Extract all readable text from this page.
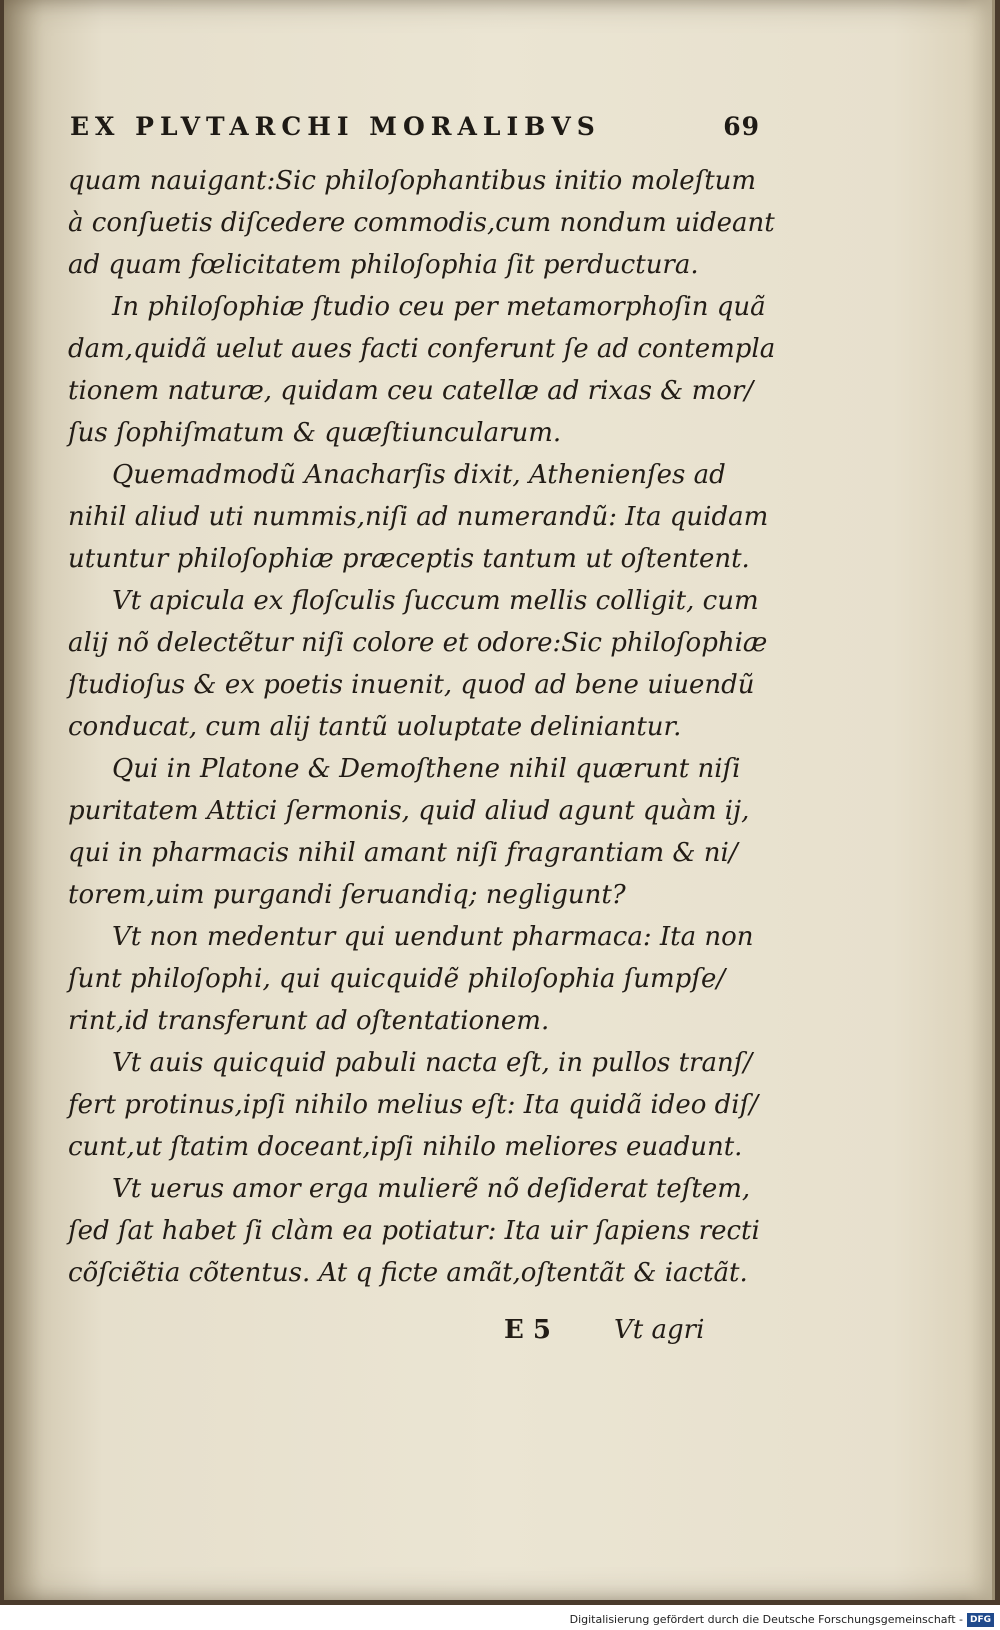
EX PLVTARCHI MORALIBVS	69
quam nauigant:Sic philoſophantibus initio moleſtum
à conſuetis diſcedere commodis,cum nondum uideant
ad quam fœlicitatem philoſophia ſit perductura.
In philoſophiæ ſtudio ceu per metamorphoſin quã
dam,quidã uelut aues facti conferunt ſe ad contempla
tionem naturæ, quidam ceu catellæ ad rixas & mor/
ſus ſophiſmatum & quæſtiuncularum.
Quemadmodũ Anacharſis dixit, Athenienſes ad
nihil aliud uti nummis,niſi ad numerandũ: Ita quidam
utuntur philoſophiæ præceptis tantum ut oſtentent.
Vt apicula ex floſculis ſuccum mellis colligit, cum
alij nõ delectẽtur niſi colore et odore:Sic philoſophiæ
ſtudioſus & ex poetis inuenit, quod ad bene uiuendũ
conducat, cum alij tantũ uoluptate deliniantur.
Qui in Platone & Demoſthene nihil quærunt niſi
puritatem Attici ſermonis, quid aliud agunt quàm ij,
qui in pharmacis nihil amant niſi fragrantiam & ni/
torem,uim purgandi ſeruandiq; negligunt?
Vt non medentur qui uendunt pharmaca: Ita non
ſunt philoſophi, qui quicquidẽ philoſophia ſumpſe/
rint,id transferunt ad oſtentationem.
Vt auis quicquid pabuli nacta eſt, in pullos tranſ/
fert protinus,ipſi nihilo melius eſt: Ita quidã ideo diſ/
cunt,ut ſtatim doceant,ipſi nihilo meliores euadunt.
Vt uerus amor erga mulierẽ nõ deſiderat teſtem,
ſed ſat habet ſi clàm ea potiatur: Ita uir ſapiens recti
cõſciẽtia cõtentus. At q ficte amãt,oſtentãt & iactãt.
E 5 Vt agri
Digitalisierung gefördert durch die Deutsche Forschungsgemeinschaft - DFG
